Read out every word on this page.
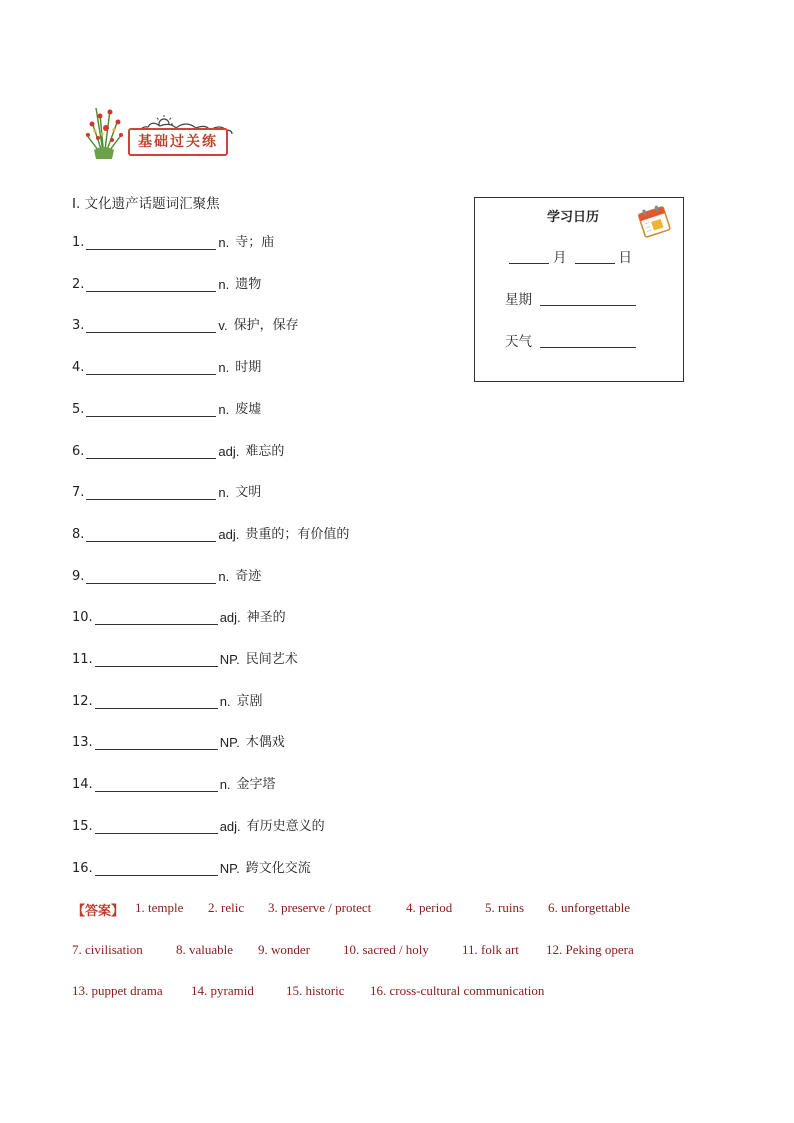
基础过关练
Ⅰ. 文化遗产话题词汇聚焦
1.	n. 寺；庙
2.	n. 遗物
3.	v. 保护，保存
4.	n. 时期
5.	n. 废墟
6.	adj. 难忘的
7.	n. 文明
8.	adj. 贵重的；有价值的
9.	n. 奇迹
10.	adj. 神圣的
11.	NP. 民间艺术
12.	n. 京剧
13.	NP. 木偶戏
14.	n. 金字塔
15.	adj. 有历史意义的
16.	NP. 跨文化交流
【答案】 1. temple 2. relic 3. preserve / protect	4. period	5. ruins 6. unforgettable
7. civilisation	8. valuable 9. wonder	10. sacred / holy	11. folk art 12. Peking opera
13. puppet drama 14. pyramid 15. historic 16. cross-cultural communication
学习日历
月	日
星期
天气
